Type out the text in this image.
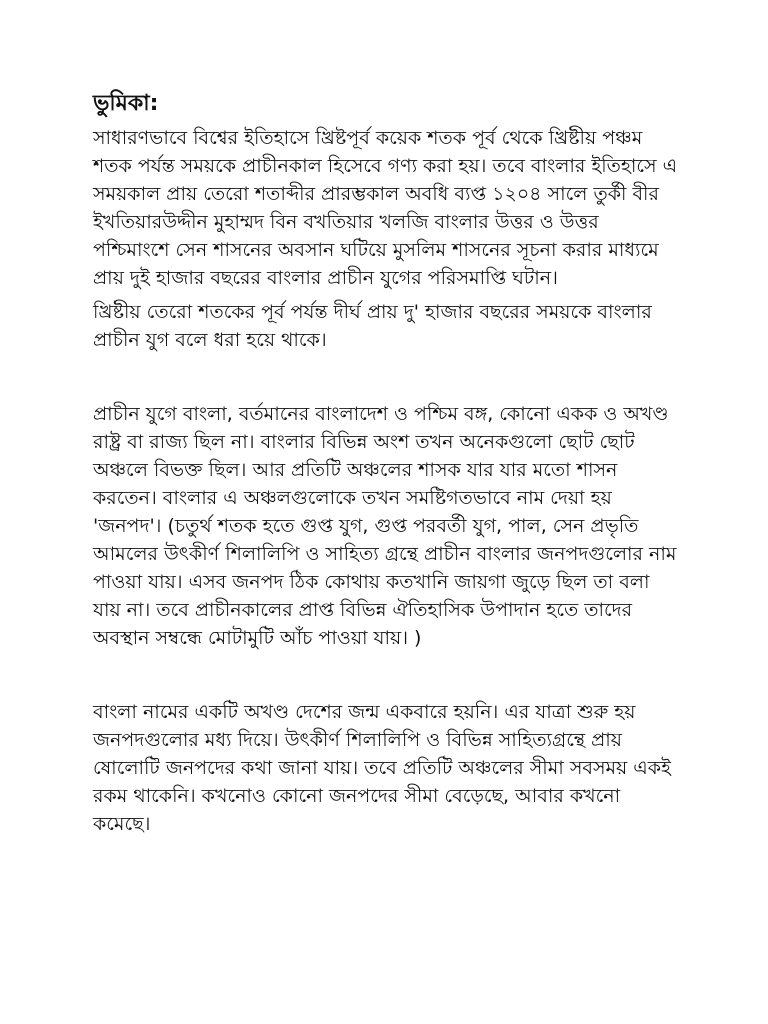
ভুমিকা:

সাধারণভাবে বিশ্বের ইতিহাসে খ্রিষ্টপূর্ব কয়েক শতক পূর্ব থেকে খ্রিষ্টীয় পঞ্চম শতক পর্যন্ত সময়কে প্রাচীনকাল হিসেবে গণ্য করা হয়। তবে বাংলার ইতিহাসে এ সময়কাল প্রায় তেরো শতাব্দীর প্রারম্ভকাল অবধি ব্যপ্ত ১২০৪ সালে তুর্কী বীর ইখতিয়ারউদ্দীন মুহাম্মদ বিন বখতিয়ার খলজি বাংলার উত্তর ও উত্তর পশ্চিমাংশে সেন শাসনের অবসান ঘটিয়ে মুসলিম শাসনের সূচনা করার মাধ্যমে প্রায় দুই হাজার বছরের বাংলার প্রাচীন যুগের পরিসমাপ্তি ঘটান।

খ্রিষ্টীয় তেরো শতকের পূর্ব পর্যন্ত দীর্ঘ প্রায় দু' হাজার বছরের সময়কে বাংলার প্রাচীন যুগ বলে ধরা হয়ে থাকে।

প্রাচীন যুগে বাংলা, বর্তমানের বাংলাদেশ ও পশ্চিম বঙ্গ, কোনো একক ও অখণ্ড রাষ্ট্র বা রাজ্য ছিল না। বাংলার বিভিন্ন অংশ তখন অনেকগুলো ছোট ছোট অঞ্চলে বিভক্ত ছিল। আর প্রতিটি অঞ্চলের শাসক যার যার মতো শাসন করতেন। বাংলার এ অঞ্চলগুলোকে তখন সমষ্টিগতভাবে নাম দেয়া হয় 'জনপদ'। (চতুর্থ শতক হতে গুপ্ত যুগ, গুপ্ত পরবর্তী যুগ, পাল, সেন প্রভৃতি আমলের উৎকীর্ণ শিলালিপি ও সাহিত্য গ্রন্থে প্রাচীন বাংলার জনপদগুলোর নাম পাওয়া যায়। এসব জনপদ ঠিক কোথায় কতখানি জায়গা জুড়ে ছিল তা বলা যায় না। তবে প্রাচীনকালের প্রাপ্ত বিভিন্ন ঐতিহাসিক উপাদান হতে তাদের অবস্থান সম্বন্ধে মোটামুটি আঁচ পাওয়া যায়। )

বাংলা নামের একটি অখণ্ড দেশের জন্ম একবারে হয়নি। এর যাত্রা শুরু হয় জনপদগুলোর মধ্য দিয়ে। উৎকীর্ণ শিলালিপি ও বিভিন্ন সাহিত্যগ্রন্থে প্রায় ষোলোটি জনপদের কথা জানা যায়। তবে প্রতিটি অঞ্চলের সীমা সবসময় একই রকম থাকেনি। কখনোও কোনো জনপদের সীমা বেড়েছে, আবার কখনো কমেছে।
